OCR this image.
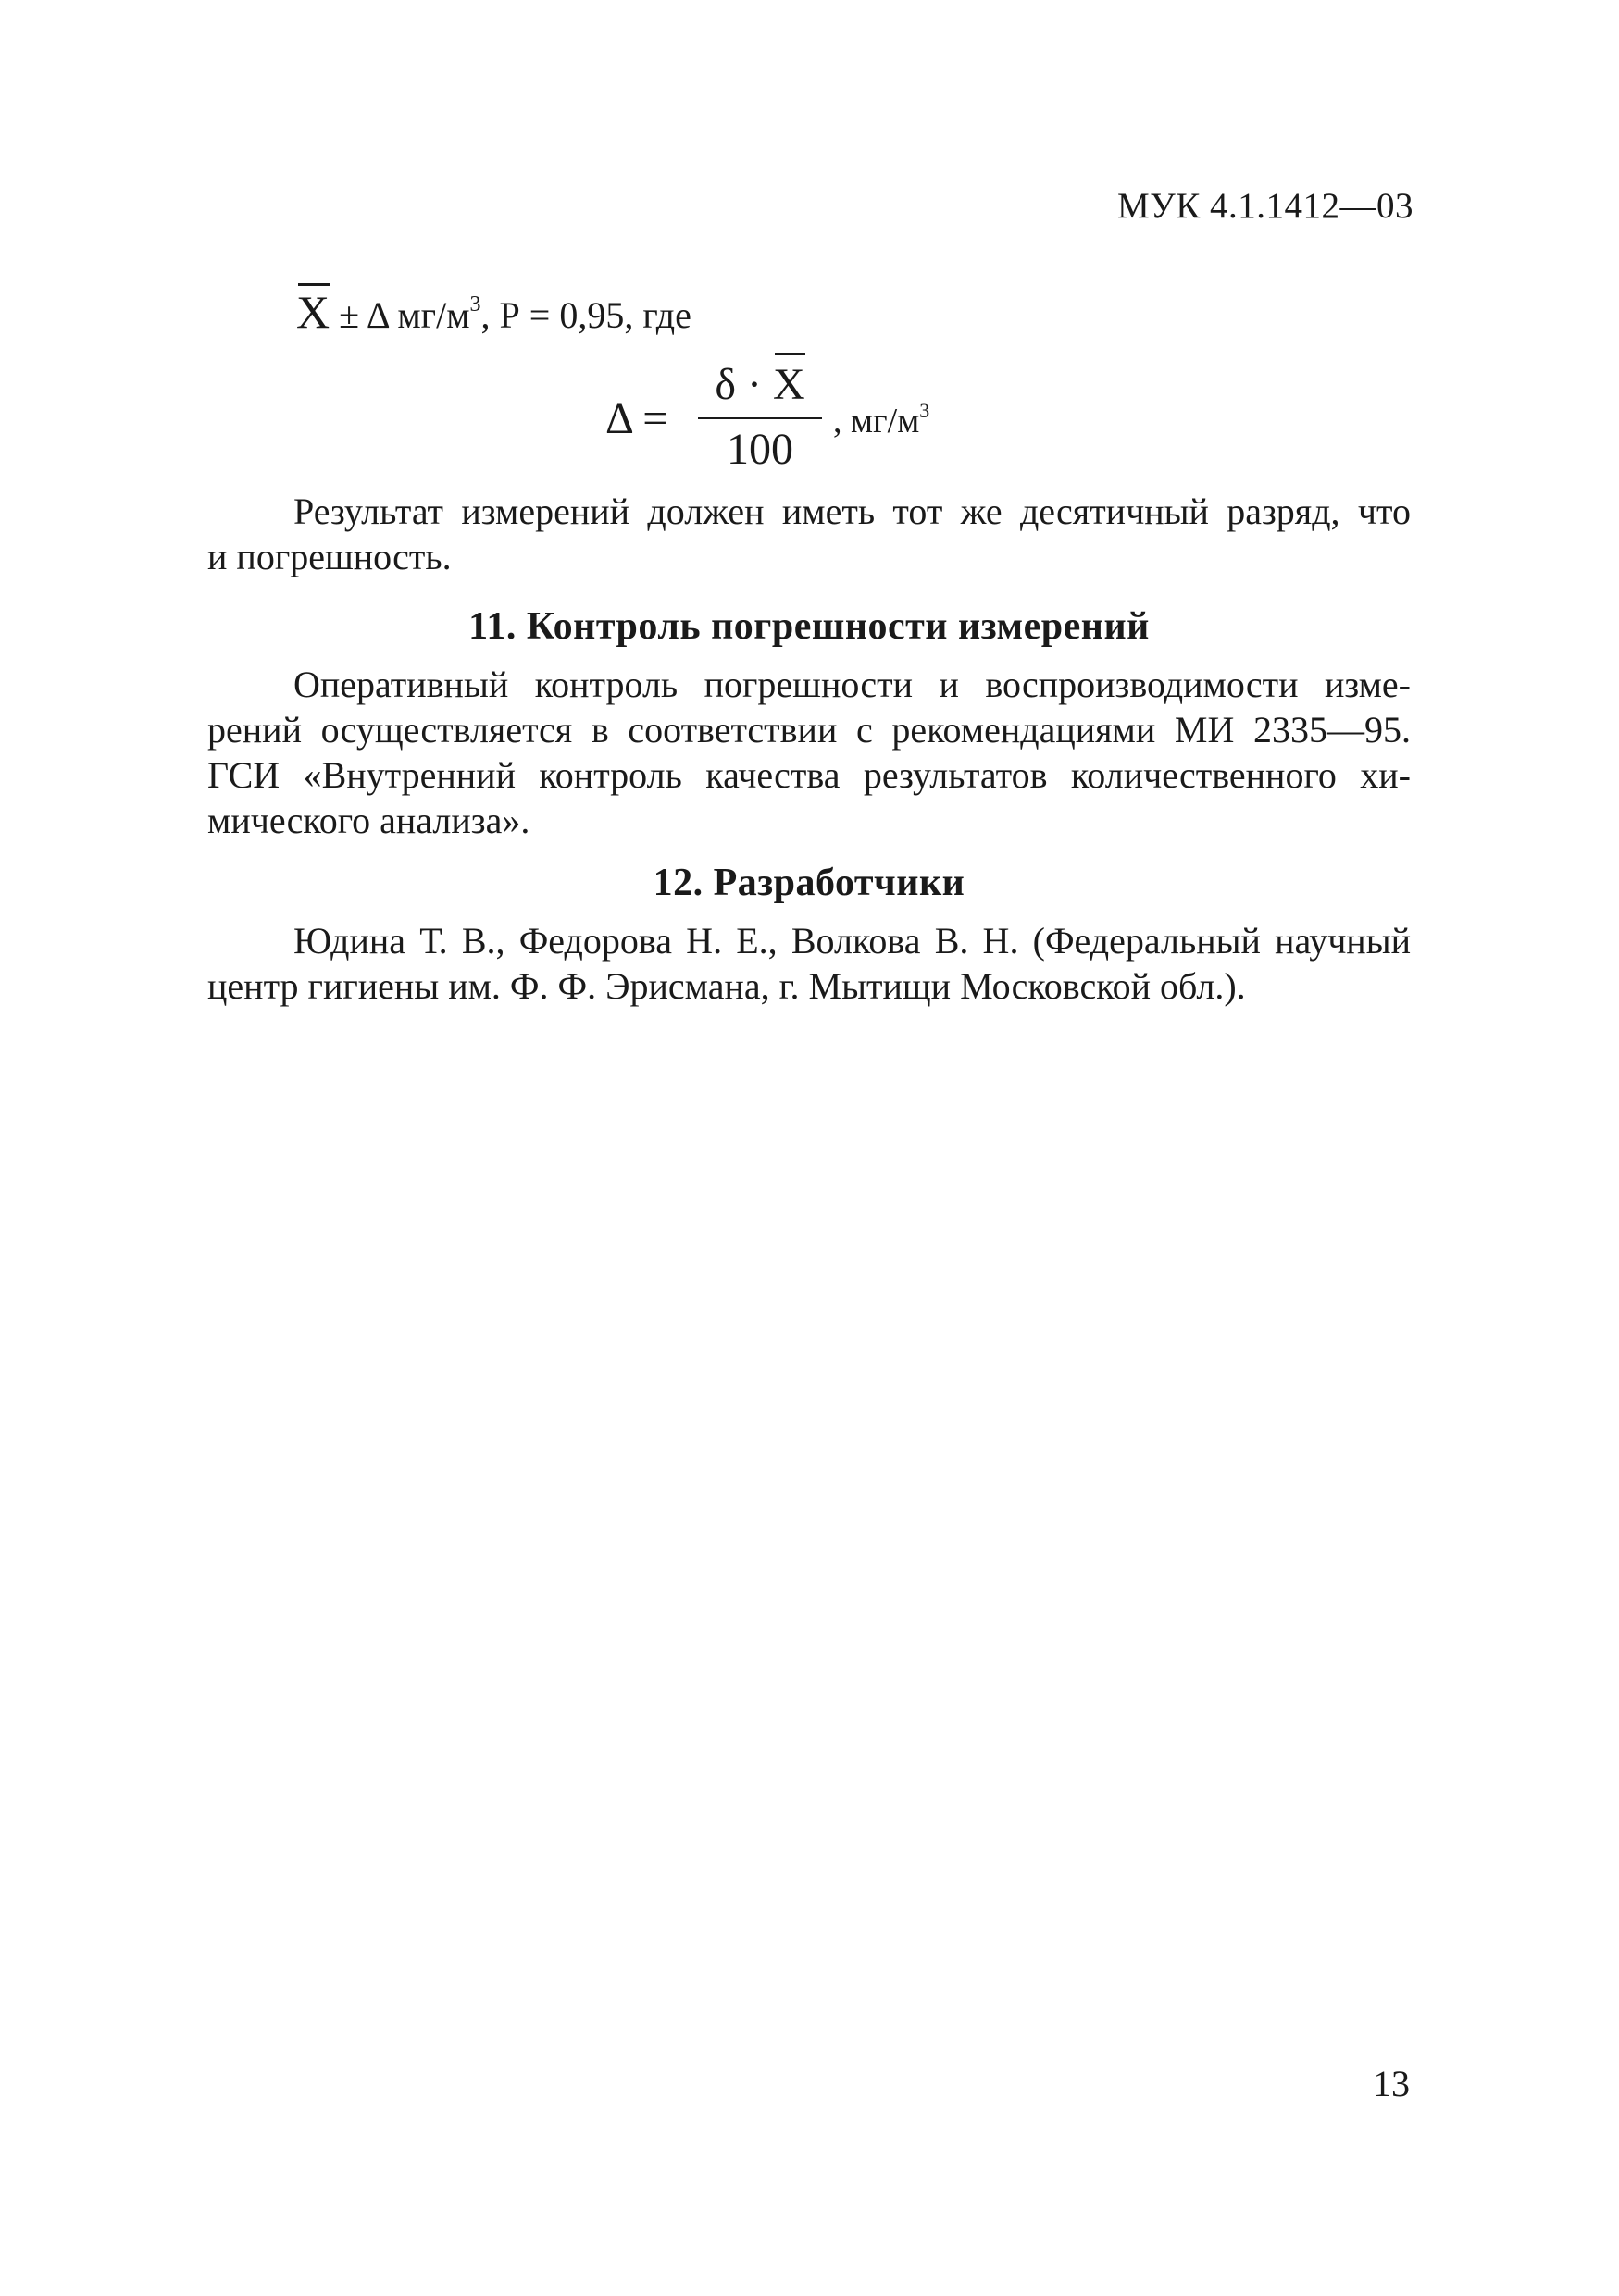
МУК 4.1.1412—03
X ± Δ $мг/м^3$, Р = 0,95, где
Δ =
δ · X
100
, $мг/м^3$
Результат измерений должен иметь тот же десятичный разряд, что
и погрешность.
11. Контроль погрешности измерений
Оперативный контроль погрешности и воспроизводимости изме-
рений осуществляется в соответствии с рекомендациями МИ 2335—95.
ГСИ «Внутренний контроль качества результатов количественного хи-
мического анализа».
12. Разработчики
Юдина Т. В., Федорова Н. Е., Волкова В. Н. (Федеральный научный
центр гигиены им. Ф. Ф. Эрисмана, г. Мытищи Московской обл.).
13
